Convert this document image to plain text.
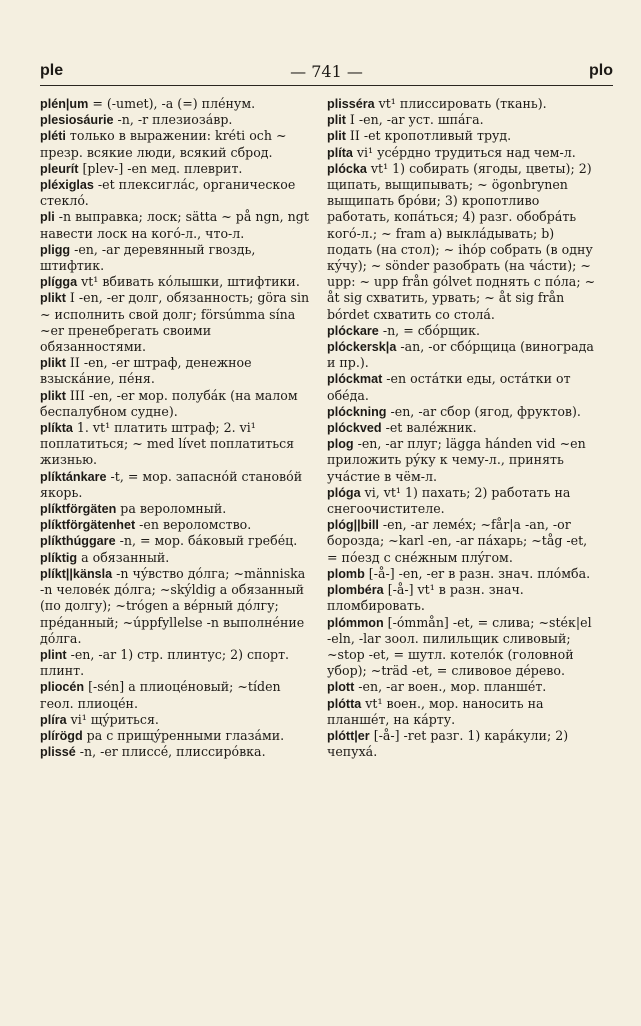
ple	— 741 —	plo

plén|um = (-umet), -a (=) плéнум.

plesiosáurie -n, -r плезиозáвр.

pléti только в выражении: kréti och ~ презр. всякие люди, всякий сброд.

pleurít [plev-] -en мед. плеврит.

pléxiglas -et плексиглáс, органическое стеклó.

pli -n выправка; лоск; sätta ~ på ngn, ngt навести лоск на когó-л., что-л.

pligg -en, -ar деревянный гвоздь, штифтик.

plígga vt¹ вбивать кóлышки, штифтики.

plikt I -en, -er долг, обязанность; göra sin ~ исполнить свой долг; försúmma sína ~er пренебрегать своими обязанностями.

plikt II -en, -er штраф, денежное взыскáние, пéня.

plikt III -en, -er мор. полубáк (на малом беспалубном судне).

plíkta 1. vt¹ платить штраф; 2. vi¹ поплатиться; ~ med lívet поплатиться жизнью.

plíktánkare -t, = мор. запаснóй становóй якорь.

plíktförgäten pa вероломный.

plíktförgätenhet -en вероломство.

plíkthúggare -n, = мор. бáковый гребéц.

plíktig a обязанный.

plíkt||känsla -n чýвство дóлга; ~människa -n человéк дóлга; ~skýldig a обязанный (по долгу); ~trógen a вéрный дóлгу; прéданный; ~úppfyllelse -n выполнéние дóлга.

plint -en, -ar 1) стр. плинтус; 2) спорт. плинт.

pliocén [-sén] a плиоцéновый; ~tíden геол. плиоцéн.

plíra vi¹ щýриться.

plírögd pa с прищýренными глазáми.

plissé -n, -er плиссé, плиссирóвка.

plisséra vt¹ плиссировать (ткань).

plit I -en, -ar уст. шпáга.

plit II -et кропотливый труд.

plíta vi¹ усéрдно трудиться над чем-л.

plócka vt¹ 1) собирать (ягоды, цветы); 2) щипать, выщипывать; ~ ögonbrynen выщипать брóви; 3) кропотливо работать, копáться; 4) разг. обобрáть когó-л.; ~ fram a) выклáдывать; b) подать (на стол); ~ ihóp собрать (в одну кýчу); ~ sönder разобрать (на чáсти); ~ upp: ~ upp från gólvet поднять с пóла; ~ åt sig схватить, урвать; ~ åt sig från bórdet схватить со столá.

plóckare -n, = сбóрщик.

plóckersk|a -an, -or сбóрщица (винограда и пр.).

plóckmat -en остáтки еды, остáтки от обéда.

plóckning -en, -ar сбор (ягод, фруктов).

plóckved -et валéжник.

plog -en, -ar плуг; lägga hánden vid ~en приложить рýку к чему-л., принять учáстие в чём-л.

plóga vi, vt¹ 1) пахать; 2) работать на снегоочистителе.

plóg||bill -en, -ar лемéх; ~får|a -an, -or борозда; ~karl -en, -ar пáхарь; ~tåg -et, = пóезд с снéжным плýгом.

plomb [-å-] -en, -er в разн. знач. плóмба.

plombéra [-å-] vt¹ в разн. знач. пломбировать.

plómmon [-ómmån] -et, = слива; ~stéк|el -eln, -lar зоол. пилильщик сливовый; ~stop -et, = шутл. котелóк (головной убор); ~träd -et, = сливовое дéрево.

plott -en, -ar воен., мор. планшéт.

plótta vt¹ воен., мор. наносить на планшéт, на кáрту.

plótt|er [-å-] -ret разг. 1) карáкули; 2) чепухá.
